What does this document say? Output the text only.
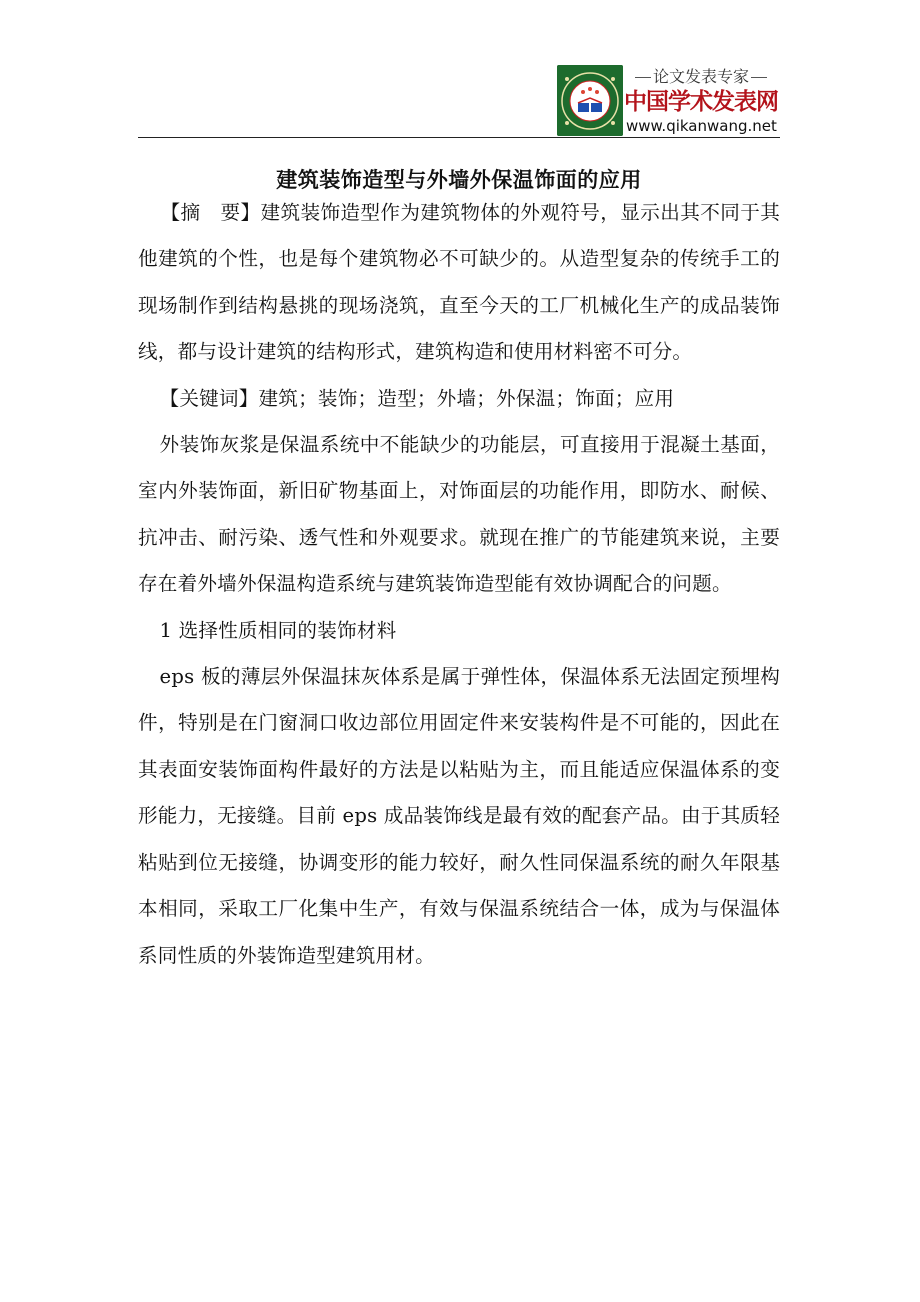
论文发表专家
中国学术发表网
www.qikanwang.net
建筑装饰造型与外墙外保温饰面的应用

【摘　要】建筑装饰造型作为建筑物体的外观符号，显示出其不同于其他建筑的个性，也是每个建筑物必不可缺少的。从造型复杂的传统手工的现场制作到结构悬挑的现场浇筑，直至今天的工厂机械化生产的成品装饰线，都与设计建筑的结构形式，建筑构造和使用材料密不可分。

【关键词】建筑；装饰；造型；外墙；外保温；饰面；应用

外装饰灰浆是保温系统中不能缺少的功能层，可直接用于混凝土基面，室内外装饰面，新旧矿物基面上，对饰面层的功能作用，即防水、耐候、抗冲击、耐污染、透气性和外观要求。就现在推广的节能建筑来说，主要存在着外墙外保温构造系统与建筑装饰造型能有效协调配合的问题。

1 选择性质相同的装饰材料

eps 板的薄层外保温抹灰体系是属于弹性体，保温体系无法固定预埋构件，特别是在门窗洞口收边部位用固定件来安装构件是不可能的，因此在其表面安装饰面构件最好的方法是以粘贴为主，而且能适应保温体系的变形能力，无接缝。目前 eps 成品装饰线是最有效的配套产品。由于其质轻粘贴到位无接缝，协调变形的能力较好，耐久性同保温系统的耐久年限基本相同，采取工厂化集中生产，有效与保温系统结合一体，成为与保温体系同性质的外装饰造型建筑用材。
